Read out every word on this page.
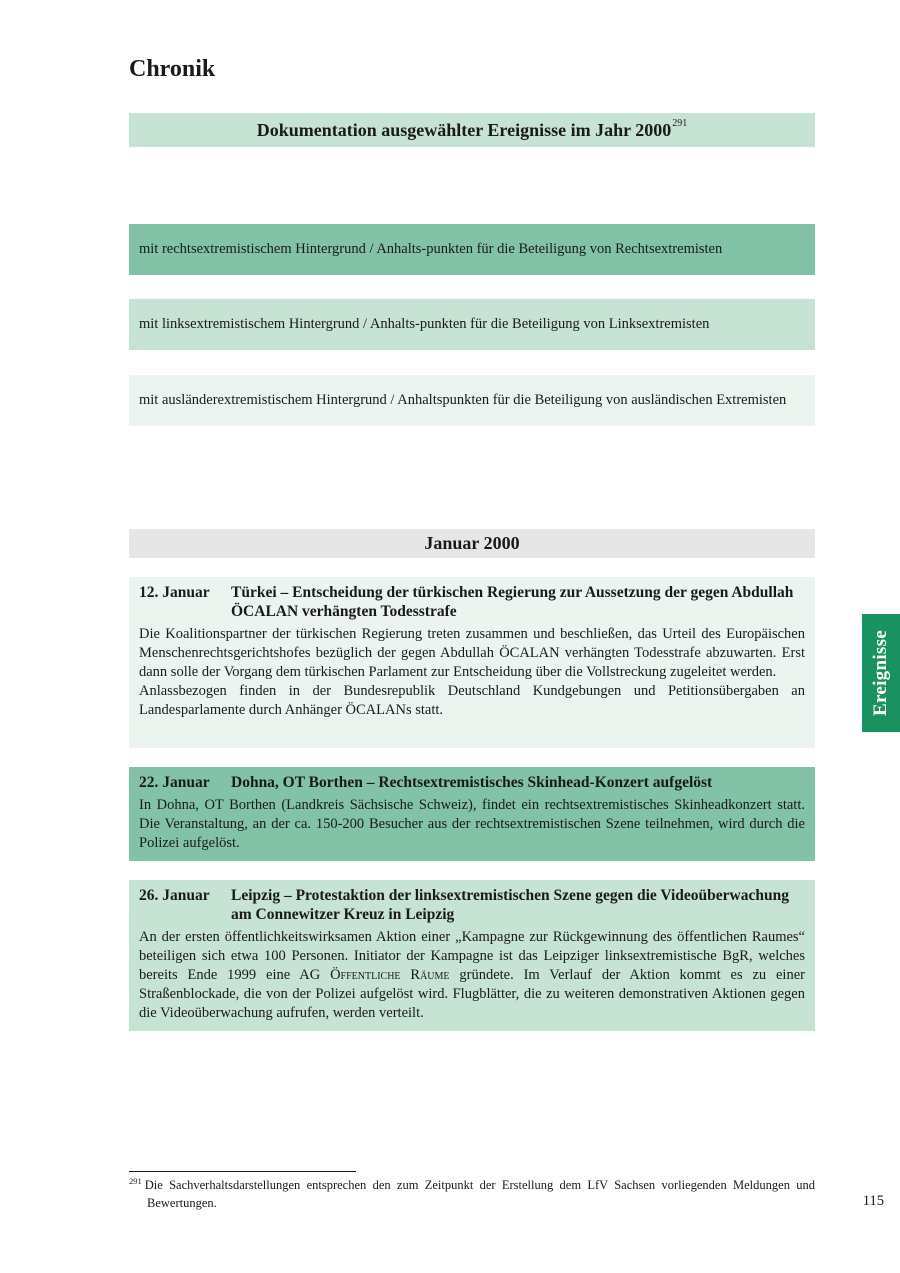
Chronik
Dokumentation ausgewählter Ereignisse im Jahr 2000$^{291}$
mit rechtsextremistischem Hintergrund / Anhalts-punkten für die Beteiligung von Rechtsextremisten
mit linksextremistischem Hintergrund / Anhalts-punkten für die Beteiligung von Linksextremisten
mit ausländerextremistischem Hintergrund / Anhaltspunkten für die Beteiligung von ausländischen Extremisten
Januar 2000
12. Januar	Türkei – Entscheidung der türkischen Regierung zur Aussetzung der gegen Abdullah ÖCALAN verhängten Todesstrafe

Die Koalitionspartner der türkischen Regierung treten zusammen und beschließen, das Urteil des Europäischen Menschenrechtsgerichtshofes bezüglich der gegen Abdullah ÖCALAN verhängten Todesstrafe abzuwarten. Erst dann solle der Vorgang dem türkischen Parlament zur Entscheidung über die Vollstreckung zugeleitet werden.

Anlassbezogen finden in der Bundesrepublik Deutschland Kundgebungen und Petitionsübergaben an Landesparlamente durch Anhänger ÖCALANs statt.

22. Januar	Dohna, OT Borthen – Rechtsextremistisches Skinhead-Konzert aufgelöst

In Dohna, OT Borthen (Landkreis Sächsische Schweiz), findet ein rechtsextremistisches Skinheadkonzert statt. Die Veranstaltung, an der ca. 150-200 Besucher aus der rechtsextremistischen Szene teilnehmen, wird durch die Polizei aufgelöst.

26. Januar	Leipzig – Protestaktion der linksextremistischen Szene gegen die Videoüberwachung am Connewitzer Kreuz in Leipzig

An der ersten öffentlichkeitswirksamen Aktion einer „Kampagne zur Rückgewinnung des öffentlichen Raumes“ beteiligen sich etwa 100 Personen. Initiator der Kampagne ist das Leipziger linksextremistische BgR, welches bereits Ende 1999 eine AG Öffentliche Räume gründete. Im Verlauf der Aktion kommt es zu einer Straßenblockade, die von der Polizei aufgelöst wird. Flugblätter, die zu weiteren demonstrativen Aktionen gegen die Videoüberwachung aufrufen, werden verteilt.

Ereignisse
$^{291}$ Die Sachverhaltsdarstellungen entsprechen den zum Zeitpunkt der Erstellung dem LfV Sachsen vorliegenden Meldungen und Bewertungen.	115
